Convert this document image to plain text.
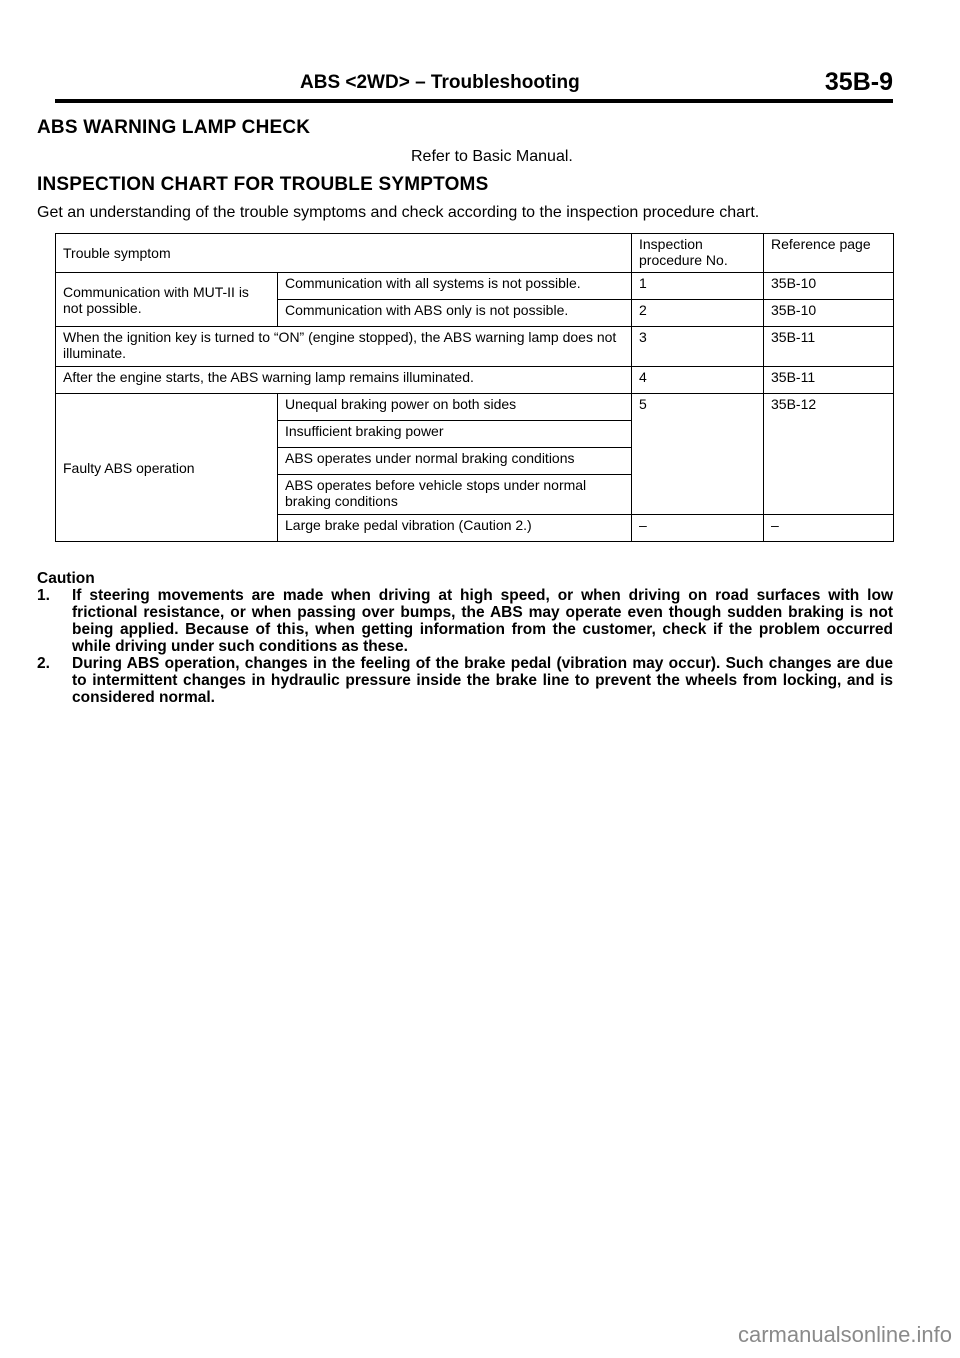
ABS <2WD> – Troubleshooting	35B-9
ABS WARNING LAMP CHECK
Refer to Basic Manual.
INSPECTION CHART FOR TROUBLE SYMPTOMS
Get an understanding of the trouble symptoms and check according to the inspection procedure chart.
Trouble symptom		Inspection procedure No.	Reference page
Communication with MUT-II is not possible.	Communication with all systems is not possible.	1	35B-10
	Communication with ABS only is not possible.	2	35B-10
When the ignition key is turned to “ON” (engine stopped), the ABS warning lamp does not illuminate.		3	35B-11
After the engine starts, the ABS warning lamp remains illuminated.		4	35B-11
Faulty ABS operation	Unequal braking power on both sides	5	35B-12
	Insufficient braking power		
	ABS operates under normal braking conditions		
	ABS operates before vehicle stops under normal braking conditions		
	Large brake pedal vibration (Caution 2.)	–	–
Caution
1.	If steering movements are made when driving at high speed, or when driving on road surfaces with low frictional resistance, or when passing over bumps, the ABS may operate even though sudden braking is not being applied. Because of this, when getting information from the customer, check if the problem occurred while driving under such conditions as these.
2.	During ABS operation, changes in the feeling of the brake pedal (vibration may occur). Such changes are due to intermittent changes in hydraulic pressure inside the brake line to prevent the wheels from locking, and is considered normal.
carmanualsonline.info
